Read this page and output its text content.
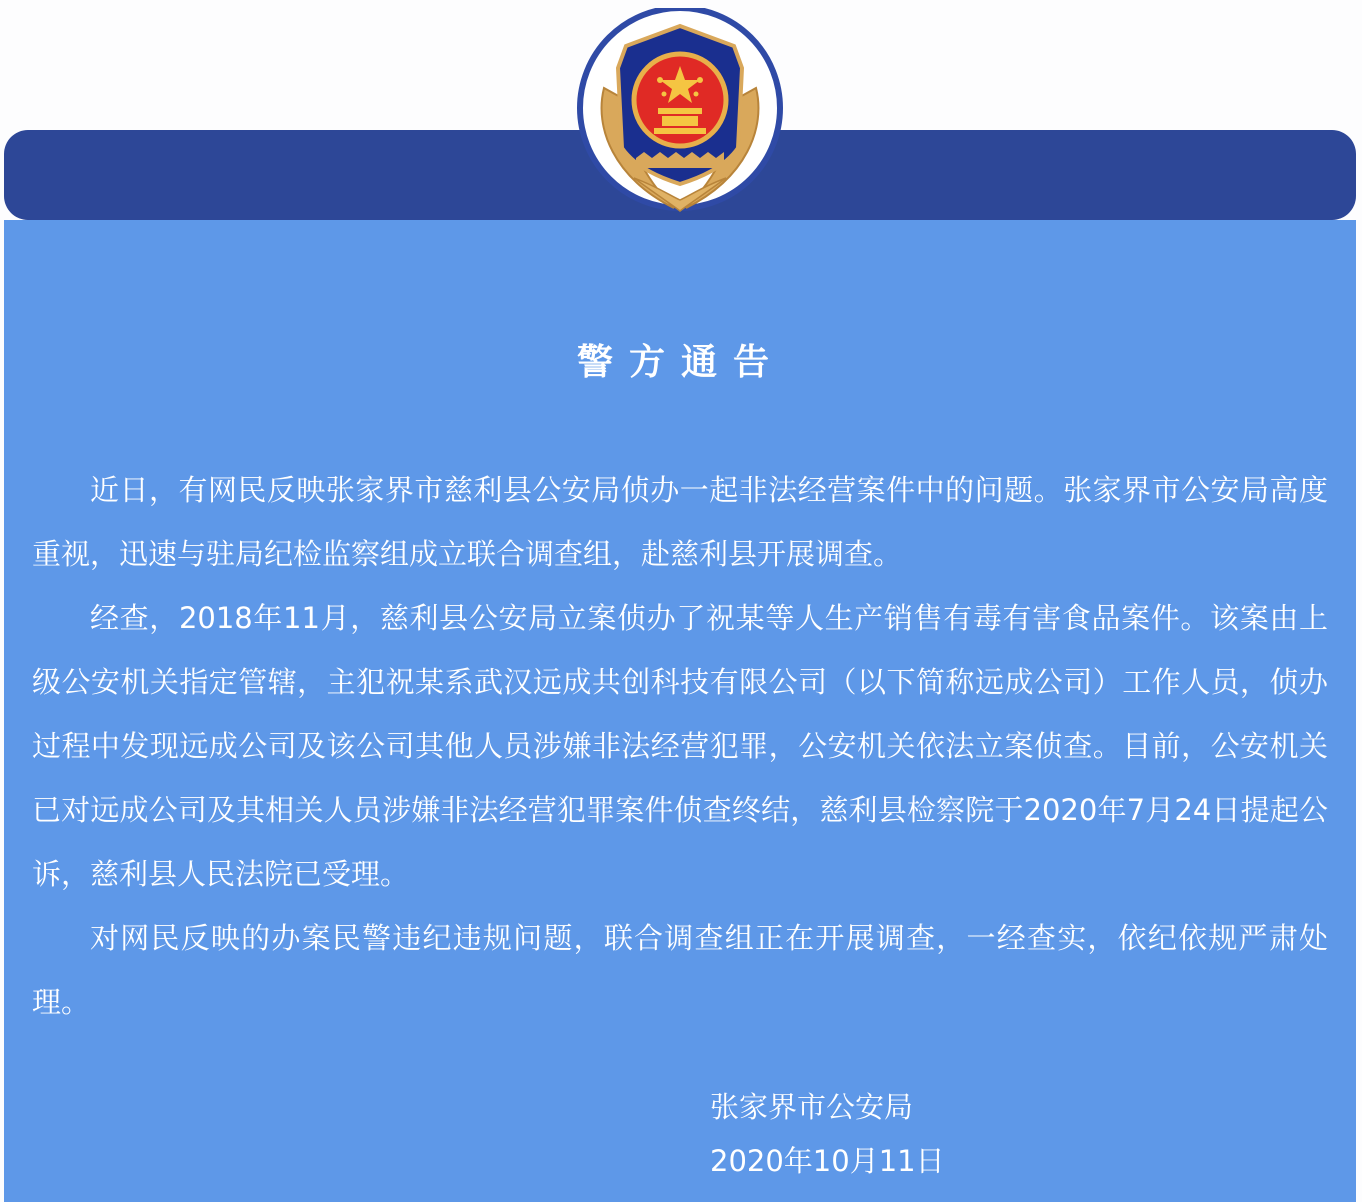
警方通告

近日，有网民反映张家界市慈利县公安局侦办一起非法经营案件中的问题。张家界市公安局高度重视，迅速与驻局纪检监察组成立联合调查组，赴慈利县开展调查。

经查，2018年11月，慈利县公安局立案侦办了祝某等人生产销售有毒有害食品案件。该案由上级公安机关指定管辖，主犯祝某系武汉远成共创科技有限公司（以下简称远成公司）工作人员，侦办过程中发现远成公司及该公司其他人员涉嫌非法经营犯罪，公安机关依法立案侦查。目前，公安机关已对远成公司及其相关人员涉嫌非法经营犯罪案件侦查终结，慈利县检察院于2020年7月24日提起公诉，慈利县人民法院已受理。

对网民反映的办案民警违纪违规问题，联合调查组正在开展调查，一经查实，依纪依规严肃处理。

张家界市公安局
2020年10月11日
